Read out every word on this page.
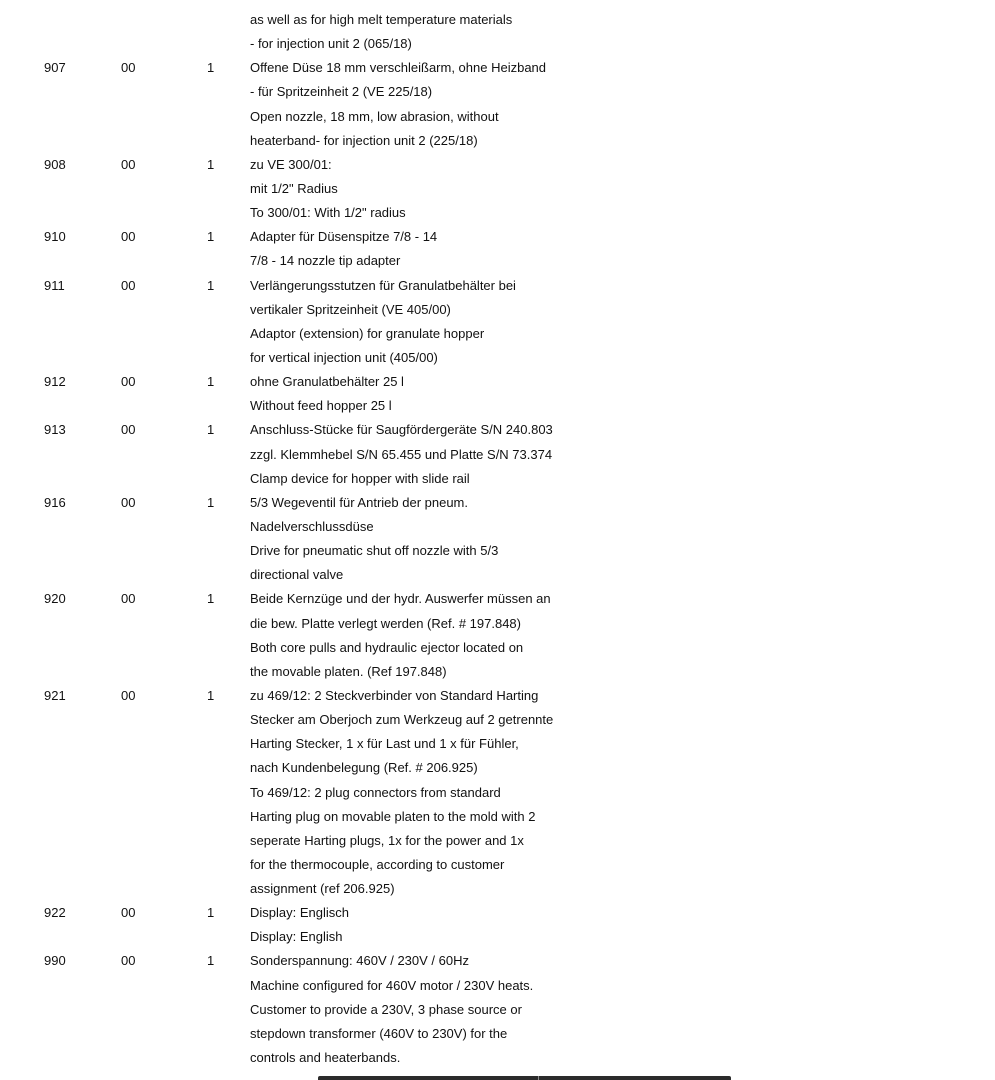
as well as for high melt temperature materials
- for injection unit 2 (065/18)
907	00	1	Offene Düse 18 mm verschleißarm, ohne Heizband
- für Spritzeinheit 2 (VE 225/18)
Open nozzle, 18 mm, low abrasion, without
heaterband- for injection unit 2 (225/18)
908	00	1	zu VE 300/01:
mit 1/2" Radius
To 300/01: With 1/2" radius
910	00	1	Adapter für Düsenspitze 7/8 - 14
7/8 - 14 nozzle tip adapter
911	00	1	Verlängerungsstutzen für Granulatbehälter bei
vertikaler Spritzeinheit (VE 405/00)
Adaptor (extension) for granulate hopper
for vertical injection unit (405/00)
912	00	1	ohne Granulatbehälter 25 l
Without feed hopper 25 l
913	00	1	Anschluss-Stücke für Saugfördergeräte S/N 240.803
zzgl. Klemmhebel S/N 65.455 und Platte S/N 73.374
Clamp device for hopper with slide rail
916	00	1	5/3 Wegeventil für Antrieb der pneum.
Nadelverschlussdüse
Drive for pneumatic shut off nozzle with 5/3
directional valve
920	00	1	Beide Kernzüge und der hydr. Auswerfer müssen an
die bew. Platte verlegt werden (Ref. # 197.848)
Both core pulls and hydraulic ejector located on
the movable platen. (Ref 197.848)
921	00	1	zu 469/12: 2 Steckverbinder von Standard Harting
Stecker am Oberjoch zum Werkzeug auf 2 getrennte
Harting Stecker, 1 x für Last und 1 x für Fühler,
nach Kundenbelegung (Ref. # 206.925)
To 469/12: 2 plug connectors from standard
Harting plug on movable platen to the mold with 2
seperate Harting plugs, 1x for the power and 1x
for the thermocouple, according to customer
assignment (ref 206.925)
922	00	1	Display: Englisch
Display: English
990	00	1	Sonderspannung: 460V / 230V / 60Hz
Machine configured for 460V motor / 230V heats.
Customer to provide a 230V, 3 phase source or
stepdown transformer (460V to 230V) for the
controls and heaterbands.
